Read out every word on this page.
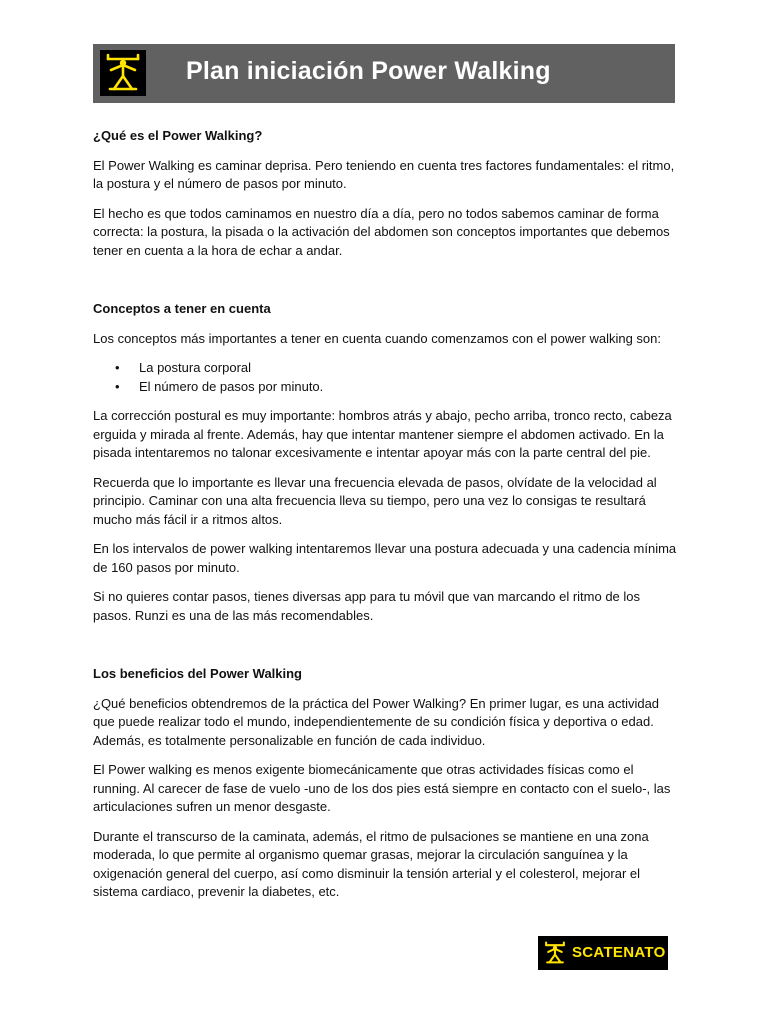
Plan iniciación Power Walking
¿Qué es el Power Walking?

El Power Walking es caminar deprisa. Pero teniendo en cuenta tres factores fundamentales: el ritmo, la postura y el número de pasos por minuto.

El hecho es que todos caminamos en nuestro día a día, pero no todos sabemos caminar de forma correcta: la postura, la pisada o la activación del abdomen son conceptos importantes que debemos tener en cuenta a la hora de echar a andar.

Conceptos a tener en cuenta

Los conceptos más importantes a tener en cuenta cuando comenzamos con el power walking son:

• La postura corporal
• El número de pasos por minuto.

La corrección postural es muy importante: hombros atrás y abajo, pecho arriba, tronco recto, cabeza erguida y mirada al frente. Además, hay que intentar mantener siempre el abdomen activado. En la pisada intentaremos no talonar excesivamente e intentar apoyar más con la parte central del pie.

Recuerda que lo importante es llevar una frecuencia elevada de pasos, olvídate de la velocidad al principio. Caminar con una alta frecuencia lleva su tiempo, pero una vez lo consigas te resultará mucho más fácil ir a ritmos altos.

En los intervalos de power walking intentaremos llevar una postura adecuada y una cadencia mínima de 160 pasos por minuto.

Si no quieres contar pasos, tienes diversas app para tu móvil que van marcando el ritmo de los pasos. Runzi es una de las más recomendables.

Los beneficios del Power Walking

¿Qué beneficios obtendremos de la práctica del Power Walking? En primer lugar, es una actividad que puede realizar todo el mundo, independientemente de su condición física y deportiva o edad. Además, es totalmente personalizable en función de cada individuo.

El Power walking es menos exigente biomecánicamente que otras actividades físicas como el running. Al carecer de fase de vuelo -uno de los dos pies está siempre en contacto con el suelo-, las articulaciones sufren un menor desgaste.

Durante el transcurso de la caminata, además, el ritmo de pulsaciones se mantiene en una zona moderada, lo que permite al organismo quemar grasas, mejorar la circulación sanguínea y la oxigenación general del cuerpo, así como disminuir la tensión arterial y el colesterol, mejorar el sistema cardiaco, prevenir la diabetes, etc.

SCATENATO
